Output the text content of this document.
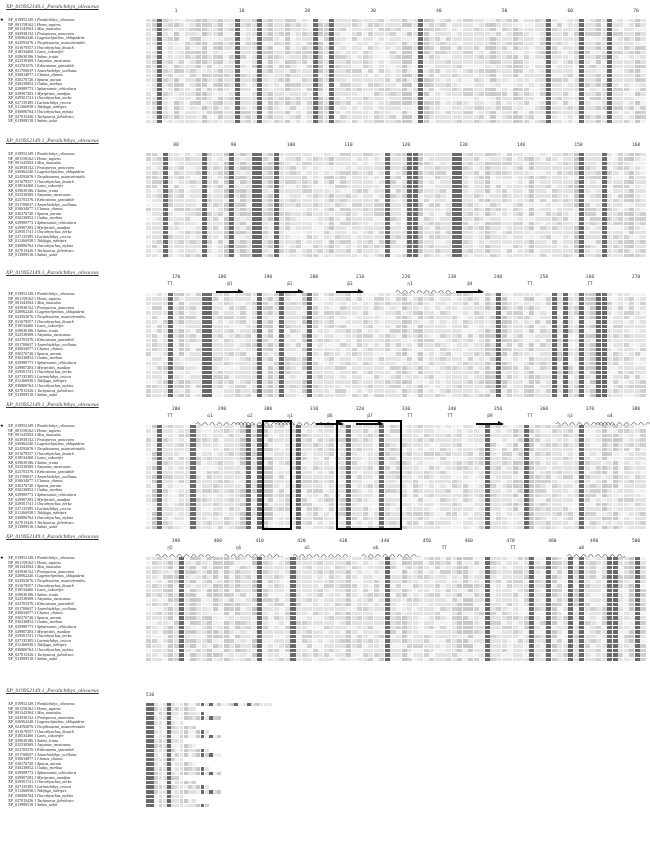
XP_019952149.1_Paralichthys_olivaceus
1	10	20	30	40	50	60	70
★ XP_019952149.1 Paralichthys_olivaceus
NP_001158162.1 Homo_sapiens
NP_001343504.1 Mus_musculus
XP_043938132.1 Protopterus_annectens
XP_026962240.1 Lagenorhynchus_obliquidens
XP_024592676.1 Neophocaena_asiaeorientalis
XP_031679557.1 Oncorhynchus_kisutch
XP_018534460.1 Lates_calcarifer
XP_029630186.1 Salmo_trutta
XP_022538369.1 Astyanax_mexicanus
XP_023703376.1 Etheostoma_spectabile
XP_031700637.1 Anarrhichthys_ocellatus
XP_030634077.1 Chanos_chanos
XP_030276720.1 Sparus_aurata
XP_030230852.1 Gadus_morhua
XP_029989773.1 Sphaeramia_orbicularis
XP_029907283.1 Myripristis_murdjan
XP_029501741.1 Oncorhynchus_nerka
XP_027135385.1 Larimichthys_crocea
XP_011266938.1 Takifugu_rubripes
XP_036806764.1 Oncorhynchus_mykiss
XP_027015426.1 Tachysurus_fulvidraco
XP_013989518.1 Salmo_salar
XP_019952149.1_Paralichthys_olivaceus
80	90	100	110	120	130	140	150	160
XP_019952149.1 Paralichthys_olivaceus
NP_001158162.1 Homo_sapiens
NP_001343504.1 Mus_musculus
XP_043938132.1 Protopterus_annectens
XP_026962240.1 Lagenorhynchus_obliquidens
XP_024592676.1 Neophocaena_asiaeorientalis
XP_031679557.1 Oncorhynchus_kisutch
XP_018534460.1 Lates_calcarifer
XP_029630186.1 Salmo_trutta
XP_022538369.1 Astyanax_mexicanus
XP_023703376.1 Etheostoma_spectabile
XP_031700637.1 Anarrhichthys_ocellatus
XP_030634077.1 Chanos_chanos
XP_030276720.1 Sparus_aurata
XP_030230852.1 Gadus_morhua
XP_029989773.1 Sphaeramia_orbicularis
XP_029907283.1 Myripristis_murdjan
XP_029501741.1 Oncorhynchus_nerka
XP_027135385.1 Larimichthys_crocea
XP_011266938.1 Takifugu_rubripes
XP_036806764.1 Oncorhynchus_mykiss
XP_027015426.1 Tachysurus_fulvidraco
XP_013989518.1 Salmo_salar
XP_019952149.1_Paralichthys_olivaceus
170	180	190	200	210	220	230	240	250	260	270
TT	β1	β2	β3	η1	β4	TT	TT
XP_019952149.1 Paralichthys_olivaceus
NP_001158162.1 Homo_sapiens
NP_001343504.1 Mus_musculus
XP_043938132.1 Protopterus_annectens
XP_026962240.1 Lagenorhynchus_obliquidens
XP_024592676.1 Neophocaena_asiaeorientalis
XP_031679557.1 Oncorhynchus_kisutch
XP_018534460.1 Lates_calcarifer
XP_029630186.1 Salmo_trutta
XP_022538369.1 Astyanax_mexicanus
XP_023703376.1 Etheostoma_spectabile
XP_031700637.1 Anarrhichthys_ocellatus
XP_030634077.1 Chanos_chanos
XP_030276720.1 Sparus_aurata
XP_030230852.1 Gadus_morhua
XP_029989773.1 Sphaeramia_orbicularis
XP_029907283.1 Myripristis_murdjan
XP_029501741.1 Oncorhynchus_nerka
XP_027135385.1 Larimichthys_crocea
XP_011266938.1 Takifugu_rubripes
XP_036806764.1 Oncorhynchus_mykiss
XP_027015426.1 Tachysurus_fulvidraco
XP_013989518.1 Salmo_salar
XP_019952149.1_Paralichthys_olivaceus
280	290	300	310	320	330	340	350	360	370	380
TT	α1	α2	η1	β6	β7	TT	TT	β9	TT	η3	α4
★ XP_019952149.1 Paralichthys_olivaceus
NP_001158162.1 Homo_sapiens
NP_001343504.1 Mus_musculus
XP_043938132.1 Protopterus_annectens
XP_026962240.1 Lagenorhynchus_obliquidens
XP_024592676.1 Neophocaena_asiaeorientalis
XP_031679557.1 Oncorhynchus_kisutch
XP_018534460.1 Lates_calcarifer
XP_029630186.1 Salmo_trutta
XP_022538369.1 Astyanax_mexicanus
XP_023703376.1 Etheostoma_spectabile
XP_031700637.1 Anarrhichthys_ocellatus
XP_030634077.1 Chanos_chanos
XP_030276720.1 Sparus_aurata
XP_030230852.1 Gadus_morhua
XP_029989773.1 Sphaeramia_orbicularis
XP_029907283.1 Myripristis_murdjan
XP_029501741.1 Oncorhynchus_nerka
XP_027135385.1 Larimichthys_crocea
XP_011266938.1 Takifugu_rubripes
XP_036806764.1 Oncorhynchus_mykiss
XP_027015426.1 Tachysurus_fulvidraco
XP_013989518.1 Salmo_salar
XP_019952149.1_Paralichthys_olivaceus
390	400	410	420	430	440	450	460	470	480	490	500
η5	η6	α5	α6	TT	TT	α8
★ XP_019952149.1 Paralichthys_olivaceus
NP_001158162.1 Homo_sapiens
NP_001343504.1 Mus_musculus
XP_043938132.1 Protopterus_annectens
XP_026962240.1 Lagenorhynchus_obliquidens
XP_024592676.1 Neophocaena_asiaeorientalis
XP_031679557.1 Oncorhynchus_kisutch
XP_018534460.1 Lates_calcarifer
XP_029630186.1 Salmo_trutta
XP_022538369.1 Astyanax_mexicanus
XP_023703376.1 Etheostoma_spectabile
XP_031700637.1 Anarrhichthys_ocellatus
XP_030634077.1 Chanos_chanos
XP_030276720.1 Sparus_aurata
XP_030230852.1 Gadus_morhua
XP_029989773.1 Sphaeramia_orbicularis
XP_029907283.1 Myripristis_murdjan
XP_029501741.1 Oncorhynchus_nerka
XP_027135385.1 Larimichthys_crocea
XP_011266938.1 Takifugu_rubripes
XP_036806764.1 Oncorhynchus_mykiss
XP_027015426.1 Tachysurus_fulvidraco
XP_013989518.1 Salmo_salar
XP_019952149.1_Paralichthys_olivaceus
510
XP_019952149.1 Paralichthys_olivaceus
NP_001158162.1 Homo_sapiens
NP_001343504.1 Mus_musculus
XP_043938132.1 Protopterus_annectens
XP_026962240.1 Lagenorhynchus_obliquidens
XP_024592676.1 Neophocaena_asiaeorientalis
XP_031679557.1 Oncorhynchus_kisutch
XP_018534460.1 Lates_calcarifer
XP_029630186.1 Salmo_trutta
XP_022538369.1 Astyanax_mexicanus
XP_023703376.1 Etheostoma_spectabile
XP_031700637.1 Anarrhichthys_ocellatus
XP_030634077.1 Chanos_chanos
XP_030276720.1 Sparus_aurata
XP_030230852.1 Gadus_morhua
XP_029989773.1 Sphaeramia_orbicularis
XP_029907283.1 Myripristis_murdjan
XP_029501741.1 Oncorhynchus_nerka
XP_027135385.1 Larimichthys_crocea
XP_011266938.1 Takifugu_rubripes
XP_036806764.1 Oncorhynchus_mykiss
XP_027015426.1 Tachysurus_fulvidraco
XP_013989518.1 Salmo_salar
